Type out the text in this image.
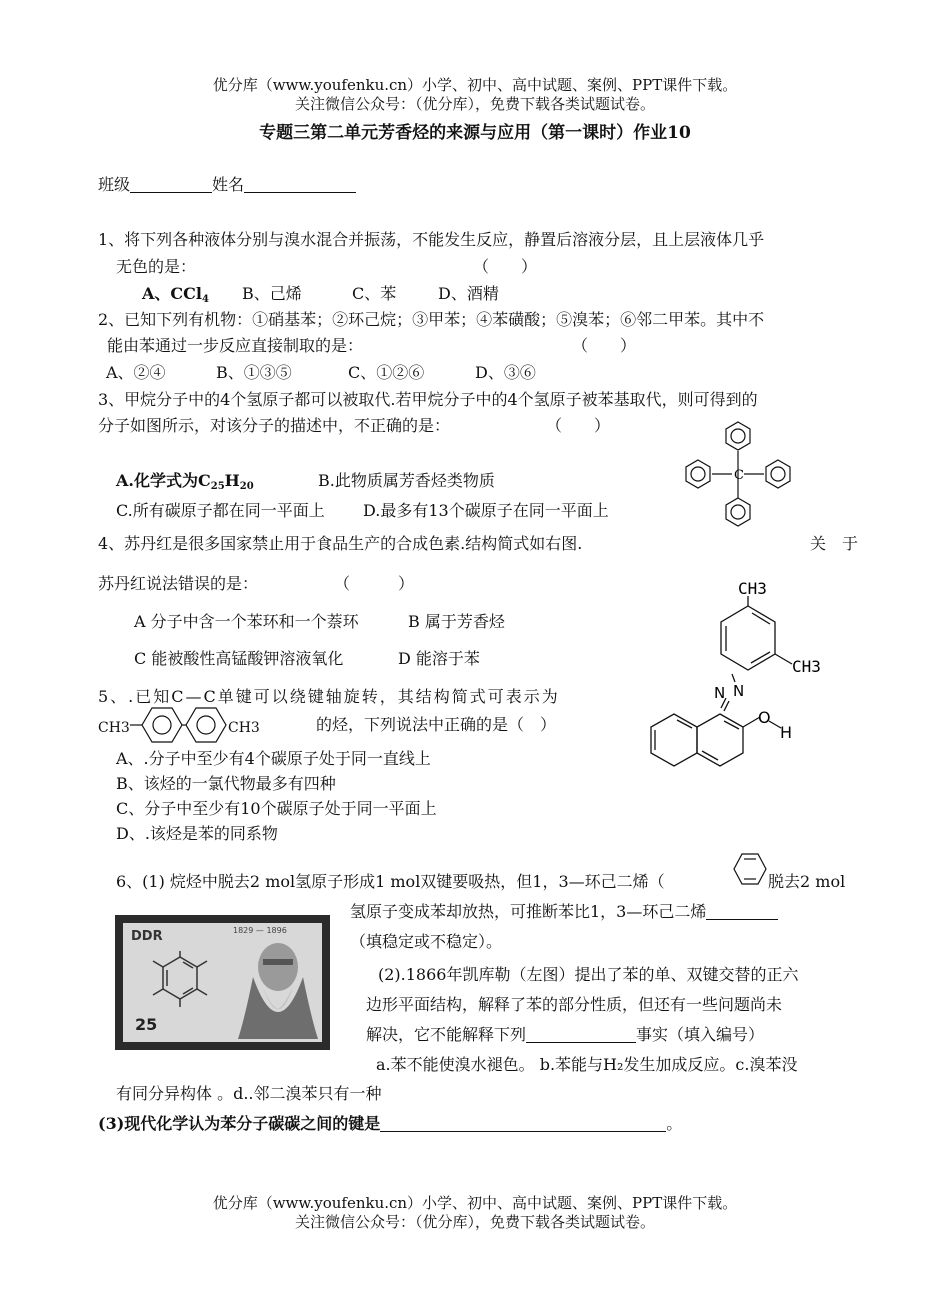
优分库（www.youfenku.cn）小学、初中、高中试题、案例、PPT课件下载。
关注微信公众号：（优分库），免费下载各类试题试卷。
专题三第二单元芳香烃的来源与应用（第一课时）作业10
班级	姓名
1、将下列各种液体分别与溴水混合并振荡，不能发生反应，静置后溶液分层，且上层液体几乎
无色的是：	（　　）
A、CCl$_4$ B、己烯	C、苯	D、酒精
2、已知下列有机物：①硝基苯；②环己烷；③甲苯；④苯磺酸；⑤溴苯；⑥邻二甲苯。其中不
能由苯通过一步反应直接制取的是：	（　　）
A、②④	B、①③⑤	C、①②⑥	D、③⑥
3、甲烷分子中的4个氢原子都可以被取代.若甲烷分子中的4个氢原子被苯基取代，则可得到的
分子如图所示，对该分子的描述中，不正确的是：	（　　）
A.化学式为$C_{25}H_{20}$	B.此物质属芳香烃类物质
C.所有碳原子都在同一平面上 D.最多有13个碳原子在同一平面上
C
4、苏丹红是很多国家禁止用于食品生产的合成色素.结构简式如右图.	关　于
苏丹红说法错误的是：	（　　　）
A 分子中含一个苯环和一个萘环	B 属于芳香烃
C 能被酸性高锰酸钾溶液氧化	D 能溶于苯
CH3
CH3
N
N
O
H
5、.已知C—C单键可以绕键轴旋转，其结构简式可表示为
CH3	CH3	的烃，下列说法中正确的是（　）
A、.分子中至少有4个碳原子处于同一直线上
B、该烃的一氯代物最多有四种
C、分子中至少有10个碳原子处于同一平面上
D、.该烃是苯的同系物
6、(1) 烷烃中脱去2 mol氢原子形成1 mol双键要吸热，但1，3—环己二烯（	脱去2 mol
氢原子变成苯却放热，可推断苯比1，3—环己二烯
（填稳定或不稳定）。
DDR	1829 — 1896
25
(2).1866年凯库勒（左图）提出了苯的单、双键交替的正六
边形平面结构，解释了苯的部分性质，但还有一些问题尚未
解决，它不能解释下列	事实（填入编号）
a.苯不能使溴水褪色。 b.苯能与H₂发生加成反应。c.溴苯没
有同分异构体 。d..邻二溴苯只有一种
(3)现代化学认为苯分子碳碳之间的键是	。
优分库（www.youfenku.cn）小学、初中、高中试题、案例、PPT课件下载。
关注微信公众号：（优分库），免费下载各类试题试卷。
